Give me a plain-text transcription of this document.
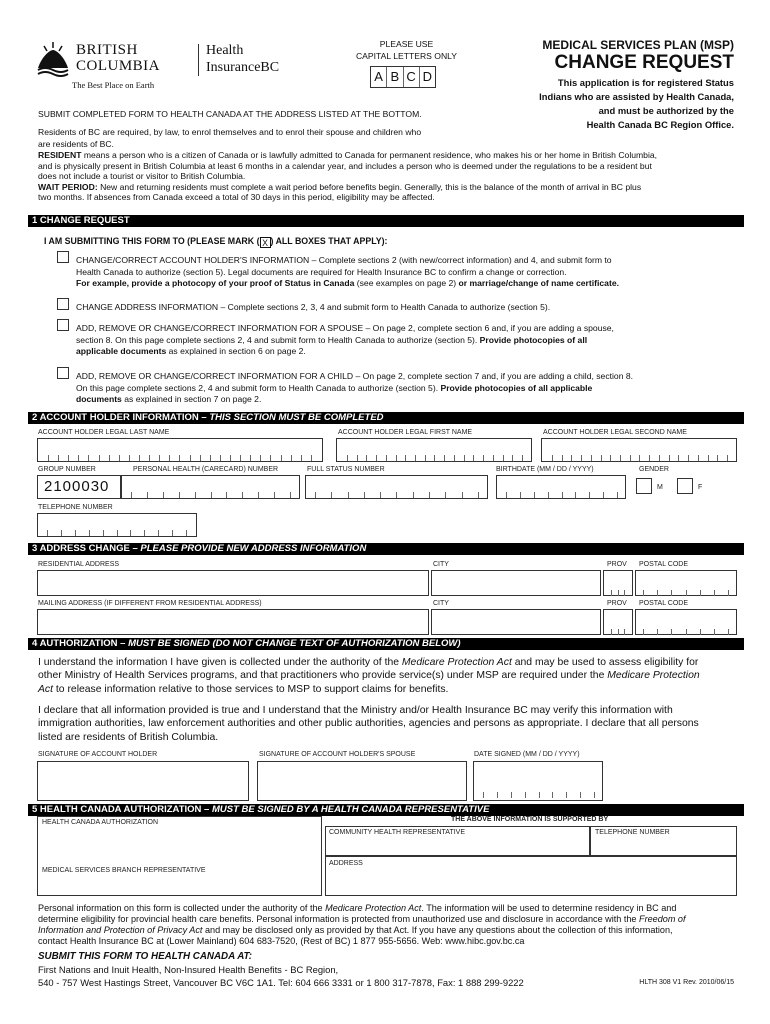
BRITISH
COLUMBIA
The Best Place on Earth
Health
InsuranceBC
PLEASE USE
CAPITAL LETTERS ONLY
A B C D
MEDICAL SERVICES PLAN (MSP)
CHANGE REQUEST
This application is for registered Status
Indians who are assisted by Health Canada,
and must be authorized by the
Health Canada BC Region Office.
SUBMIT COMPLETED FORM TO HEALTH CANADA AT THE ADDRESS LISTED AT THE BOTTOM.
Residents of BC are required, by law, to enrol themselves and to enrol their spouse and children who
are residents of BC.
RESIDENT means a person who is a citizen of Canada or is lawfully admitted to Canada for permanent residence, who makes his or her home in British Columbia,
and is physically present in British Columbia at least 6 months in a calendar year, and includes a person who is deemed under the regulations to be a resident but
does not include a tourist or visitor to British Columbia.
WAIT PERIOD: New and returning residents must complete a wait period before benefits begin. Generally, this is the balance of the month of arrival in BC plus
two months. If absences from Canada exceed a total of 30 days in this period, eligibility may be affected.
1 CHANGE REQUEST
I AM SUBMITTING THIS FORM TO (PLEASE MARK ( X ) ALL BOXES THAT APPLY):
CHANGE/CORRECT ACCOUNT HOLDER'S INFORMATION – Complete sections 2 (with new/correct information) and 4, and submit form to
Health Canada to authorize (section 5). Legal documents are required for Health Insurance BC to confirm a change or correction.
For example, provide a photocopy of your proof of Status in Canada (see examples on page 2) or marriage/change of name certificate.
CHANGE ADDRESS INFORMATION – Complete sections 2, 3, 4 and submit form to Health Canada to authorize (section 5).
ADD, REMOVE OR CHANGE/CORRECT INFORMATION FOR A SPOUSE – On page 2, complete section 6 and, if you are adding a spouse,
section 8. On this page complete sections 2, 4 and submit form to Health Canada to authorize (section 5). Provide photocopies of all
applicable documents as explained in section 6 on page 2.
ADD, REMOVE OR CHANGE/CORRECT INFORMATION FOR A CHILD – On page 2, complete section 7 and, if you are adding a child, section 8.
On this page complete sections 2, 4 and submit form to Health Canada to authorize (section 5). Provide photocopies of all applicable
documents as explained in section 7 on page 2.
2 ACCOUNT HOLDER INFORMATION – THIS SECTION MUST BE COMPLETED
ACCOUNT HOLDER LEGAL LAST NAME	ACCOUNT HOLDER LEGAL FIRST NAME	ACCOUNT HOLDER LEGAL SECOND NAME
GROUP NUMBER	PERSONAL HEALTH (CARECARD) NUMBER	FULL STATUS NUMBER	BIRTHDATE (MM / DD / YYYY)	GENDER
2100030	M	F
TELEPHONE NUMBER
3 ADDRESS CHANGE – PLEASE PROVIDE NEW ADDRESS INFORMATION
RESIDENTIAL ADDRESS	CITY	PROV POSTAL CODE
MAILING ADDRESS (IF DIFFERENT FROM RESIDENTIAL ADDRESS)	CITY	PROV POSTAL CODE
4 AUTHORIZATION – MUST BE SIGNED (DO NOT CHANGE TEXT OF AUTHORIZATION BELOW)
I understand the information I have given is collected under the authority of the Medicare Protection Act and may be used to assess eligibility for
other Ministry of Health Services programs, and that practitioners who provide service(s) under MSP are required under the Medicare Protection
Act to release information relative to those services to MSP to support claims for benefits.
I declare that all information provided is true and I understand that the Ministry and/or Health Insurance BC may verify this information with
immigration authorities, law enforcement authorities and other public authorities, agencies and persons as appropriate. I declare that all persons
listed are residents of British Columbia.
SIGNATURE OF ACCOUNT HOLDER	SIGNATURE OF ACCOUNT HOLDER'S SPOUSE	DATE SIGNED (MM / DD / YYYY)
5 HEALTH CANADA AUTHORIZATION – MUST BE SIGNED BY A HEALTH CANADA REPRESENTATIVE
HEALTH CANADA AUTHORIZATION
MEDICAL SERVICES BRANCH REPRESENTATIVE
THE ABOVE INFORMATION IS SUPPORTED BY
COMMUNITY HEALTH REPRESENTATIVE	TELEPHONE NUMBER
ADDRESS
Personal information on this form is collected under the authority of the Medicare Protection Act. The information will be used to determine residency in BC and
determine eligibility for provincial health care benefits. Personal information is protected from unauthorized use and disclosure in accordance with the Freedom of
Information and Protection of Privacy Act and may be disclosed only as provided by that Act. If you have any questions about the collection of this information,
contact Health Insurance BC at (Lower Mainland) 604 683-7520, (Rest of BC) 1 877 955-5656. Web: www.hibc.gov.bc.ca
SUBMIT THIS FORM TO HEALTH CANADA AT:
First Nations and Inuit Health, Non-Insured Health Benefits - BC Region,
540 - 757 West Hastings Street, Vancouver BC V6C 1A1. Tel: 604 666 3331 or 1 800 317-7878, Fax: 1 888 299-9222	HLTH 308 V1 Rev. 2010/06/15
